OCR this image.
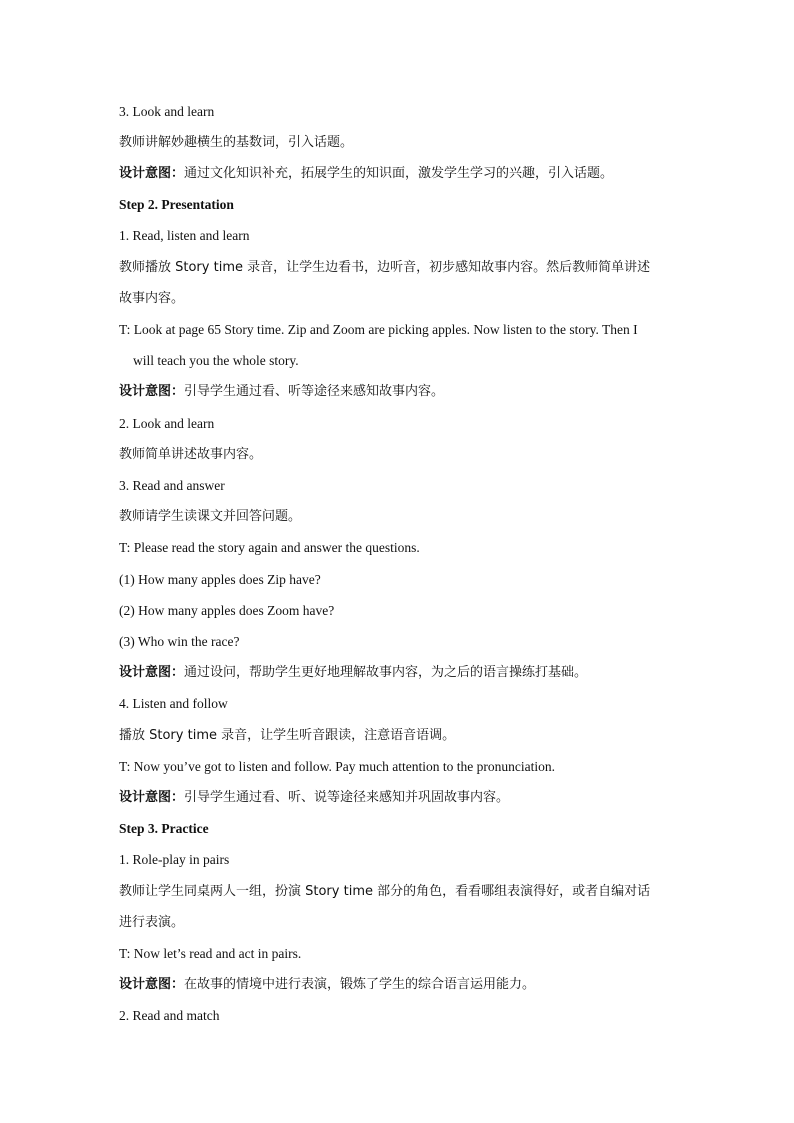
3. Look and learn

教师讲解妙趣横生的基数词，引入话题。

设计意图：通过文化知识补充，拓展学生的知识面，激发学生学习的兴趣，引入话题。

Step 2. Presentation

1. Read, listen and learn

教师播放 Story time 录音，让学生边看书，边听音，初步感知故事内容。然后教师简单讲述

故事内容。

T: Look at page 65 Story time. Zip and Zoom are picking apples. Now listen to the story. Then I

will teach you the whole story.

设计意图：引导学生通过看、听等途径来感知故事内容。

2. Look and learn

教师简单讲述故事内容。

3. Read and answer

教师请学生读课文并回答问题。

T: Please read the story again and answer the questions.

(1) How many apples does Zip have?

(2) How many apples does Zoom have?

(3) Who win the race?

设计意图：通过设问，帮助学生更好地理解故事内容，为之后的语言操练打基础。

4. Listen and follow

播放 Story time 录音，让学生听音跟读，注意语音语调。

T: Now you’ve got to listen and follow. Pay much attention to the pronunciation.

设计意图：引导学生通过看、听、说等途径来感知并巩固故事内容。

Step 3. Practice

1. Role-play in pairs

教师让学生同桌两人一组，扮演 Story time 部分的角色，看看哪组表演得好，或者自编对话

进行表演。

T: Now let’s read and act in pairs.

设计意图：在故事的情境中进行表演，锻炼了学生的综合语言运用能力。

2. Read and match
